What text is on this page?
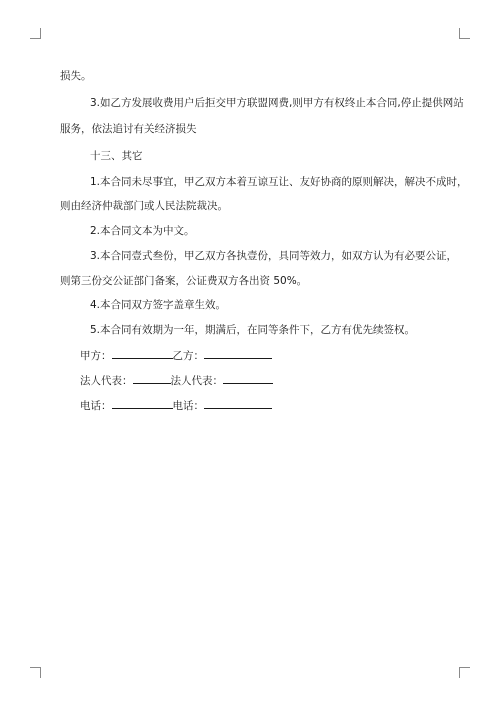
损失。
3.如乙方发展收费用户后拒交甲方联盟网费,则甲方有权终止本合同,停止提供网站
服务，依法追讨有关经济损失
十三、其它
1.本合同未尽事宜，甲乙双方本着互谅互让、友好协商的原则解决，解决不成时，
则由经济仲裁部门或人民法院裁决。
2.本合同文本为中文。
3.本合同壹式叁份，甲乙双方各执壹份，具同等效力，如双方认为有必要公证，
则第三份交公证部门备案，公证费双方各出资 50%。
4.本合同双方签字盖章生效。
5.本合同有效期为一年，期满后，在同等条件下，乙方有优先续签权。
甲方：	乙方：
法人代表：	法人代表：
电话：	电话：
